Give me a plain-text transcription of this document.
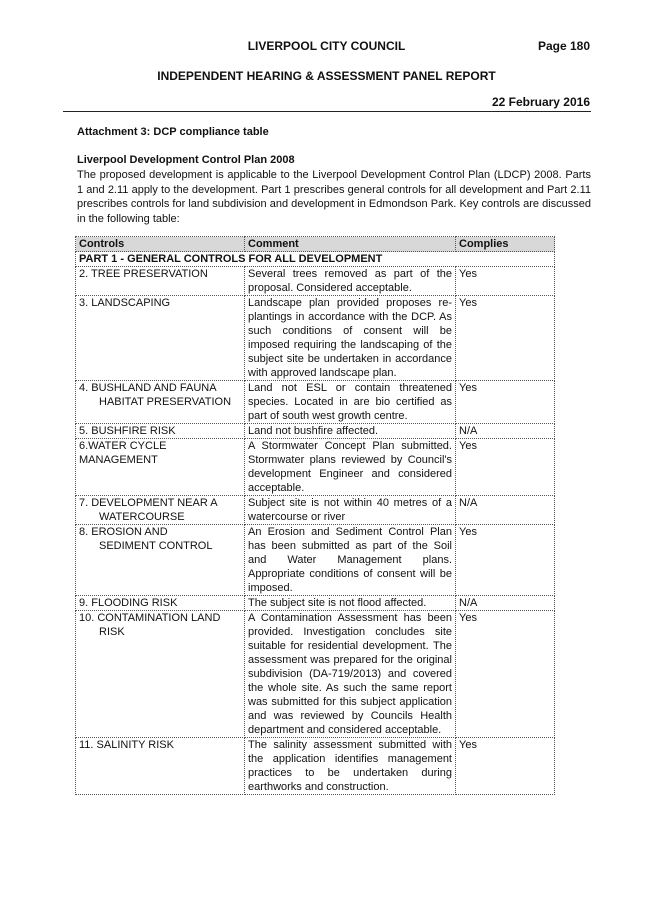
LIVERPOOL CITY COUNCIL	Page 180
INDEPENDENT HEARING & ASSESSMENT PANEL REPORT
22 February 2016
Attachment 3: DCP compliance table
Liverpool Development Control Plan 2008
The proposed development is applicable to the Liverpool Development Control Plan (LDCP) 2008. Parts 1 and 2.11 apply to the development. Part 1 prescribes general controls for all development and Part 2.11 prescribes controls for land subdivision and development in Edmondson Park. Key controls are discussed in the following table:
Controls	Comment	Complies
PART 1 - GENERAL CONTROLS FOR ALL DEVELOPMENT		
2. TREE PRESERVATION	Several trees removed as part of the proposal. Considered acceptable.	Yes
3. LANDSCAPING	Landscape plan provided proposes re-plantings in accordance with the DCP. As such conditions of consent will be imposed requiring the landscaping of the subject site be undertaken in accordance with approved landscape plan.	Yes
4. BUSHLAND AND FAUNA
HABITAT PRESERVATION	Land not ESL or contain threatened species. Located in are bio certified as part of south west growth centre.	Yes
5. BUSHFIRE RISK	Land not bushfire affected.	N/A
6.WATER CYCLE MANAGEMENT	A Stormwater Concept Plan submitted. Stormwater plans reviewed by Council's development Engineer and considered acceptable.	Yes
7. DEVELOPMENT NEAR A
WATERCOURSE	Subject site is not within 40 metres of a watercourse or river	N/A
8. EROSION AND
SEDIMENT CONTROL	An Erosion and Sediment Control Plan has been submitted as part of the Soil and Water Management plans. Appropriate conditions of consent will be imposed.	Yes
9. FLOODING RISK	The subject site is not flood affected.	N/A
10. CONTAMINATION LAND
RISK	A Contamination Assessment has been provided. Investigation concludes site suitable for residential development. The assessment was prepared for the original subdivision (DA-719/2013) and covered the whole site. As such the same report was submitted for this subject application and was reviewed by Councils Health department and considered acceptable.	Yes
11. SALINITY RISK	The salinity assessment submitted with the application identifies management practices to be undertaken during earthworks and construction.	Yes
